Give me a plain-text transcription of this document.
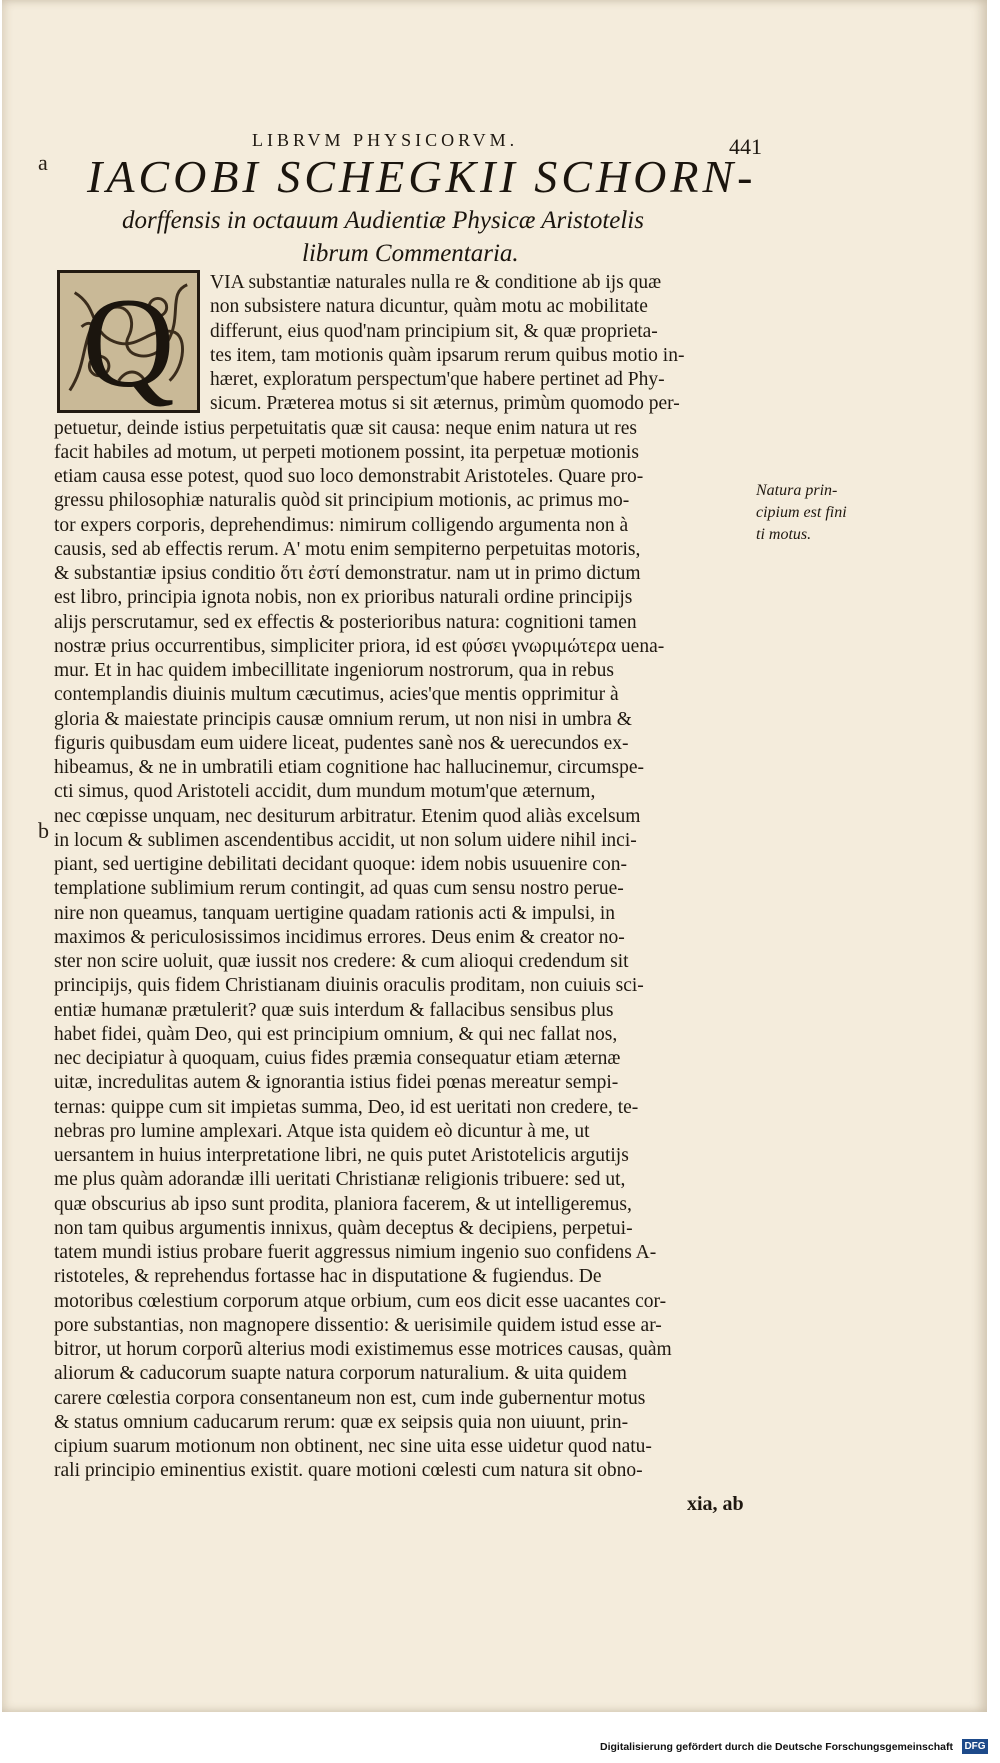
a
b
LIBRVM PHYSICORVM.	441
IACOBI SCHEGKII SCHORN-
dorffensis in octauum Audientiæ Physicæ Aristotelis
librum Commentaria.
Q	VIA substantiæ naturales nulla re & conditione ab ijs quæ
non subsistere natura dicuntur, quàm motu ac mobilitate
differunt, eius quod'nam principium sit, & quæ proprieta-
tes item, tam motionis quàm ipsarum rerum quibus motio in-
hæret, exploratum perspectum'que habere pertinet ad Phy-
sicum. Præterea motus si sit æternus, primùm quomodo per-
petuetur, deinde istius perpetuitatis quæ sit causa: neque enim natura ut res
facit habiles ad motum, ut perpeti motionem possint, ita perpetuæ motionis
etiam causa esse potest, quod suo loco demonstrabit Aristoteles. Quare pro-
gressu philosophiæ naturalis quòd sit principium motionis, ac primus mo-
tor expers corporis, deprehendimus: nimirum colligendo argumenta non à
causis, sed ab effectis rerum. A' motu enim sempiterno perpetuitas motoris,
& substantiæ ipsius conditio ὅτι ἐστί demonstratur. nam ut in primo dictum
est libro, principia ignota nobis, non ex prioribus naturali ordine principijs
alijs perscrutamur, sed ex effectis & posterioribus natura: cognitioni tamen
nostræ prius occurrentibus, simpliciter priora, id est φύσει γνωριμώτερα uena-
mur. Et in hac quidem imbecillitate ingeniorum nostrorum, qua in rebus
contemplandis diuinis multum cæcutimus, acies'que mentis opprimitur à
gloria & maiestate principis causæ omnium rerum, ut non nisi in umbra &
figuris quibusdam eum uidere liceat, pudentes sanè nos & uerecundos ex-
hibeamus, & ne in umbratili etiam cognitione hac hallucinemur, circumspe-
cti simus, quod Aristoteli accidit, dum mundum motum'que æternum,
nec cœpisse unquam, nec desiturum arbitratur. Etenim quod aliàs excelsum
in locum & sublimen ascendentibus accidit, ut non solum uidere nihil inci-
piant, sed uertigine debilitati decidant quoque: idem nobis usuuenire con-
templatione sublimium rerum contingit, ad quas cum sensu nostro perue-
nire non queamus, tanquam uertigine quadam rationis acti & impulsi, in
maximos & periculosissimos incidimus errores. Deus enim & creator no-
ster non scire uoluit, quæ iussit nos credere: & cum alioqui credendum sit
principijs, quis fidem Christianam diuinis oraculis proditam, non cuiuis sci-
entiæ humanæ prætulerit? quæ suis interdum & fallacibus sensibus plus
habet fidei, quàm Deo, qui est principium omnium, & qui nec fallat nos,
nec decipiatur à quoquam, cuius fides præmia consequatur etiam æternæ
uitæ, incredulitas autem & ignorantia istius fidei pœnas mereatur sempi-
ternas: quippe cum sit impietas summa, Deo, id est ueritati non credere, te-
nebras pro lumine amplexari. Atque ista quidem eò dicuntur à me, ut
uersantem in huius interpretatione libri, ne quis putet Aristotelicis argutijs
me plus quàm adorandæ illi ueritati Christianæ religionis tribuere: sed ut,
quæ obscurius ab ipso sunt prodita, planiora facerem, & ut intelligeremus,
non tam quibus argumentis innixus, quàm deceptus & decipiens, perpetui-
tatem mundi istius probare fuerit aggressus nimium ingenio suo confidens A-
ristoteles, & reprehendus fortasse hac in disputatione & fugiendus. De
motoribus cœlestium corporum atque orbium, cum eos dicit esse uacantes cor-
pore substantias, non magnopere dissentio: & uerisimile quidem istud esse ar-
bitror, ut horum corporũ alterius modi existimemus esse motrices causas, quàm
aliorum & caducorum suapte natura corporum naturalium. & uita quidem
carere cœlestia corpora consentaneum non est, cum inde gubernentur motus
& status omnium caducarum rerum: quæ ex seipsis quia non uiuunt, prin-
cipium suarum motionum non obtinent, nec sine uita esse uidetur quod natu-
rali principio eminentius existit. quare motioni cœlesti cum natura sit obno-
Natura prin-
cipium est fini
ti motus.
xia, ab
Digitalisierung gefördert durch die Deutsche Forschungsgemeinschaft DFG
